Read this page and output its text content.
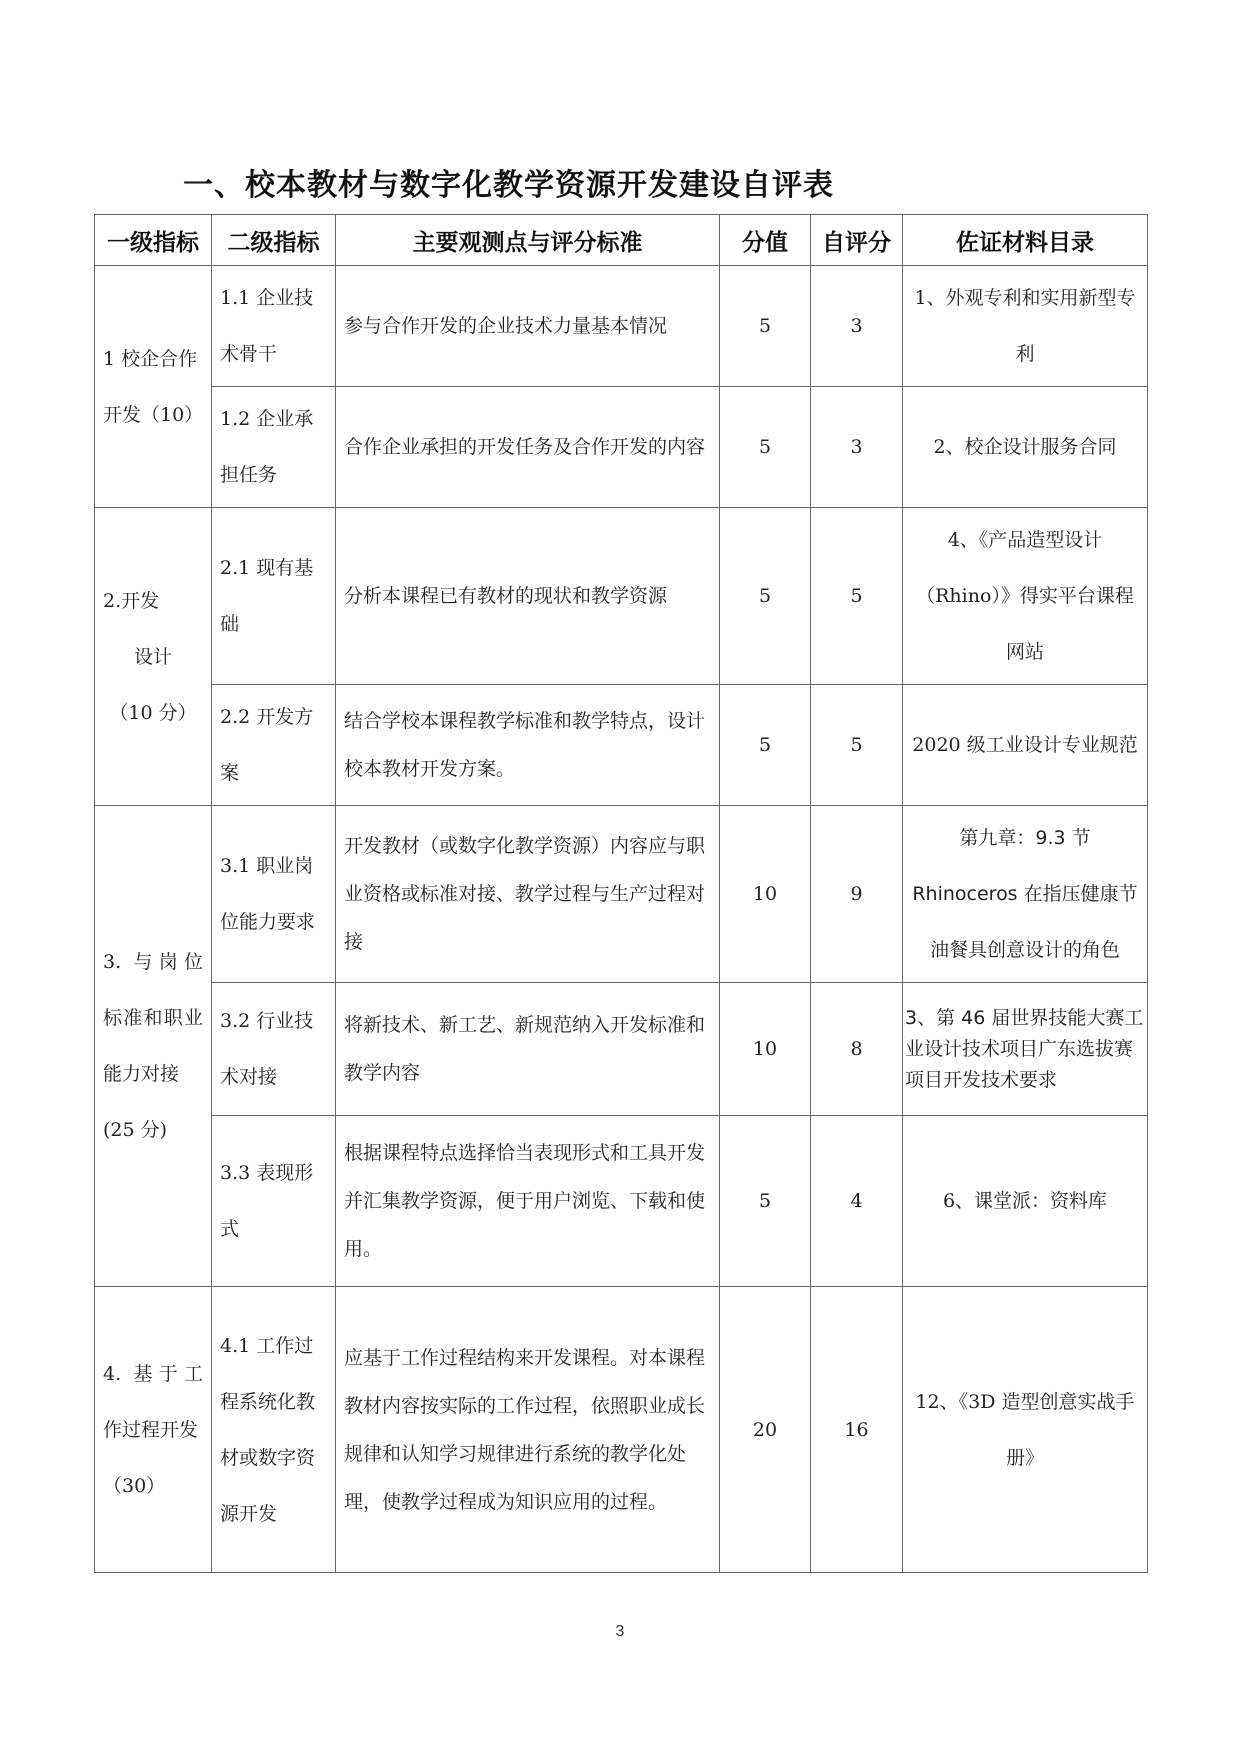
一、校本教材与数字化教学资源开发建设自评表
一级指标	二级指标	主要观测点与评分标准	分值	自评分	佐证材料目录
1 校企合作开发（10）	1.1 企业技术骨干	参与合作开发的企业技术力量基本情况	5	3	1、外观专利和实用新型专利
	1.2 企业承担任务	合作企业承担的开发任务及合作开发的内容	5	3	2、校企设计服务合同

2.开发
设计
（10 分）	2.1 现有基础	分析本课程已有教材的现状和教学资源	5	5	4、《产品造型设计（Rhino）》得实平台课程网站
	2.2 开发方案	结合学校本课程教学标准和教学特点，设计校本教材开发方案。	5	5	2020 级工业设计专业规范

3. 与岗位标准和职业能力对接
(25 分)	3.1 职业岗位能力要求	开发教材（或数字化教学资源）内容应与职业资格或标准对接、教学过程与生产过程对接	10	9	第九章：9.3 节 Rhinoceros 在指压健康节油餐具创意设计的角色
	3.2 行业技术对接	将新技术、新工艺、新规范纳入开发标准和教学内容	10	8	3、第 46 届世界技能大赛工业设计技术项目广东选拔赛项目开发技术要求
	3.3 表现形式	根据课程特点选择恰当表现形式和工具开发并汇集教学资源，便于用户浏览、下载和使用。	5	4	6、课堂派：资料库

4. 基于工作过程开发
（30）	4.1 工作过程系统化教材或数字资源开发	应基于工作过程结构来开发课程。对本课程教材内容按实际的工作过程，依照职业成长规律和认知学习规律进行系统的教学化处理，使教学过程成为知识应用的过程。	20	16	12、《3D 造型创意实战手册》
3
